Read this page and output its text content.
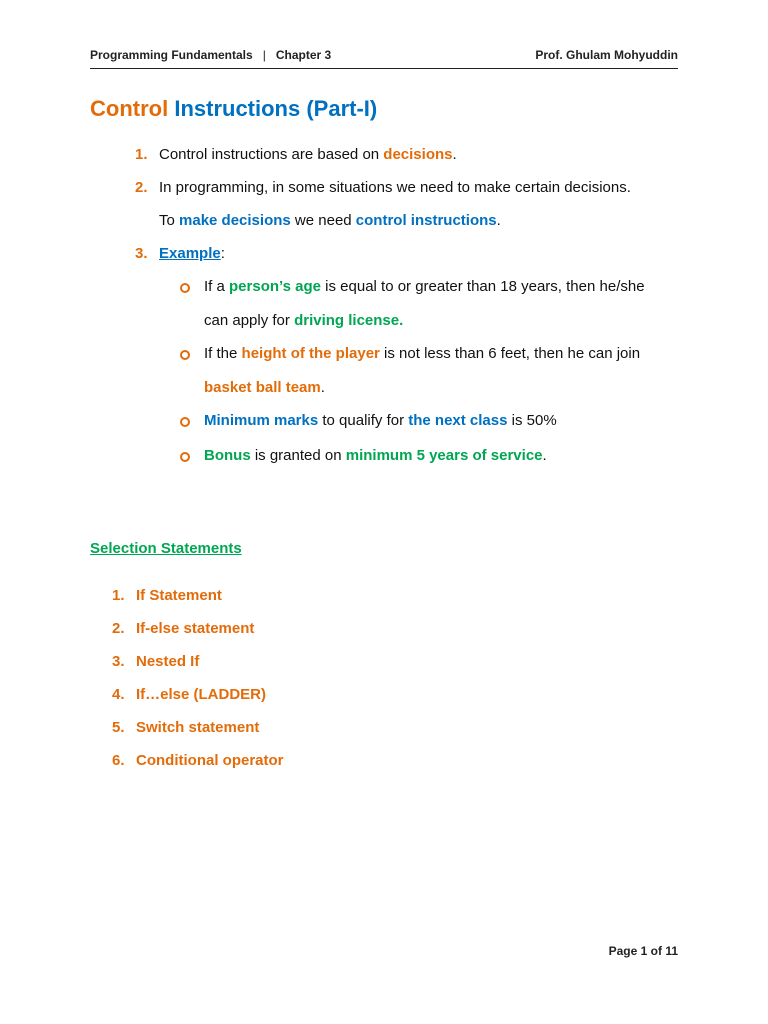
Programming Fundamentals | Chapter 3	Prof. Ghulam Mohyuddin
Control Instructions (Part-I)
1. Control instructions are based on decisions.
2. In programming, in some situations we need to make certain decisions.
To make decisions we need control instructions.
3. Example:
If a person’s age is equal to or greater than 18 years, then he/she
can apply for driving license.
If the height of the player is not less than 6 feet, then he can join
basket ball team.
Minimum marks to qualify for the next class is 50%
Bonus is granted on minimum 5 years of service.
Selection Statements
1. If Statement
2. If-else statement
3. Nested If
4. If…else (LADDER)
5. Switch statement
6. Conditional operator
Page 1 of 11
